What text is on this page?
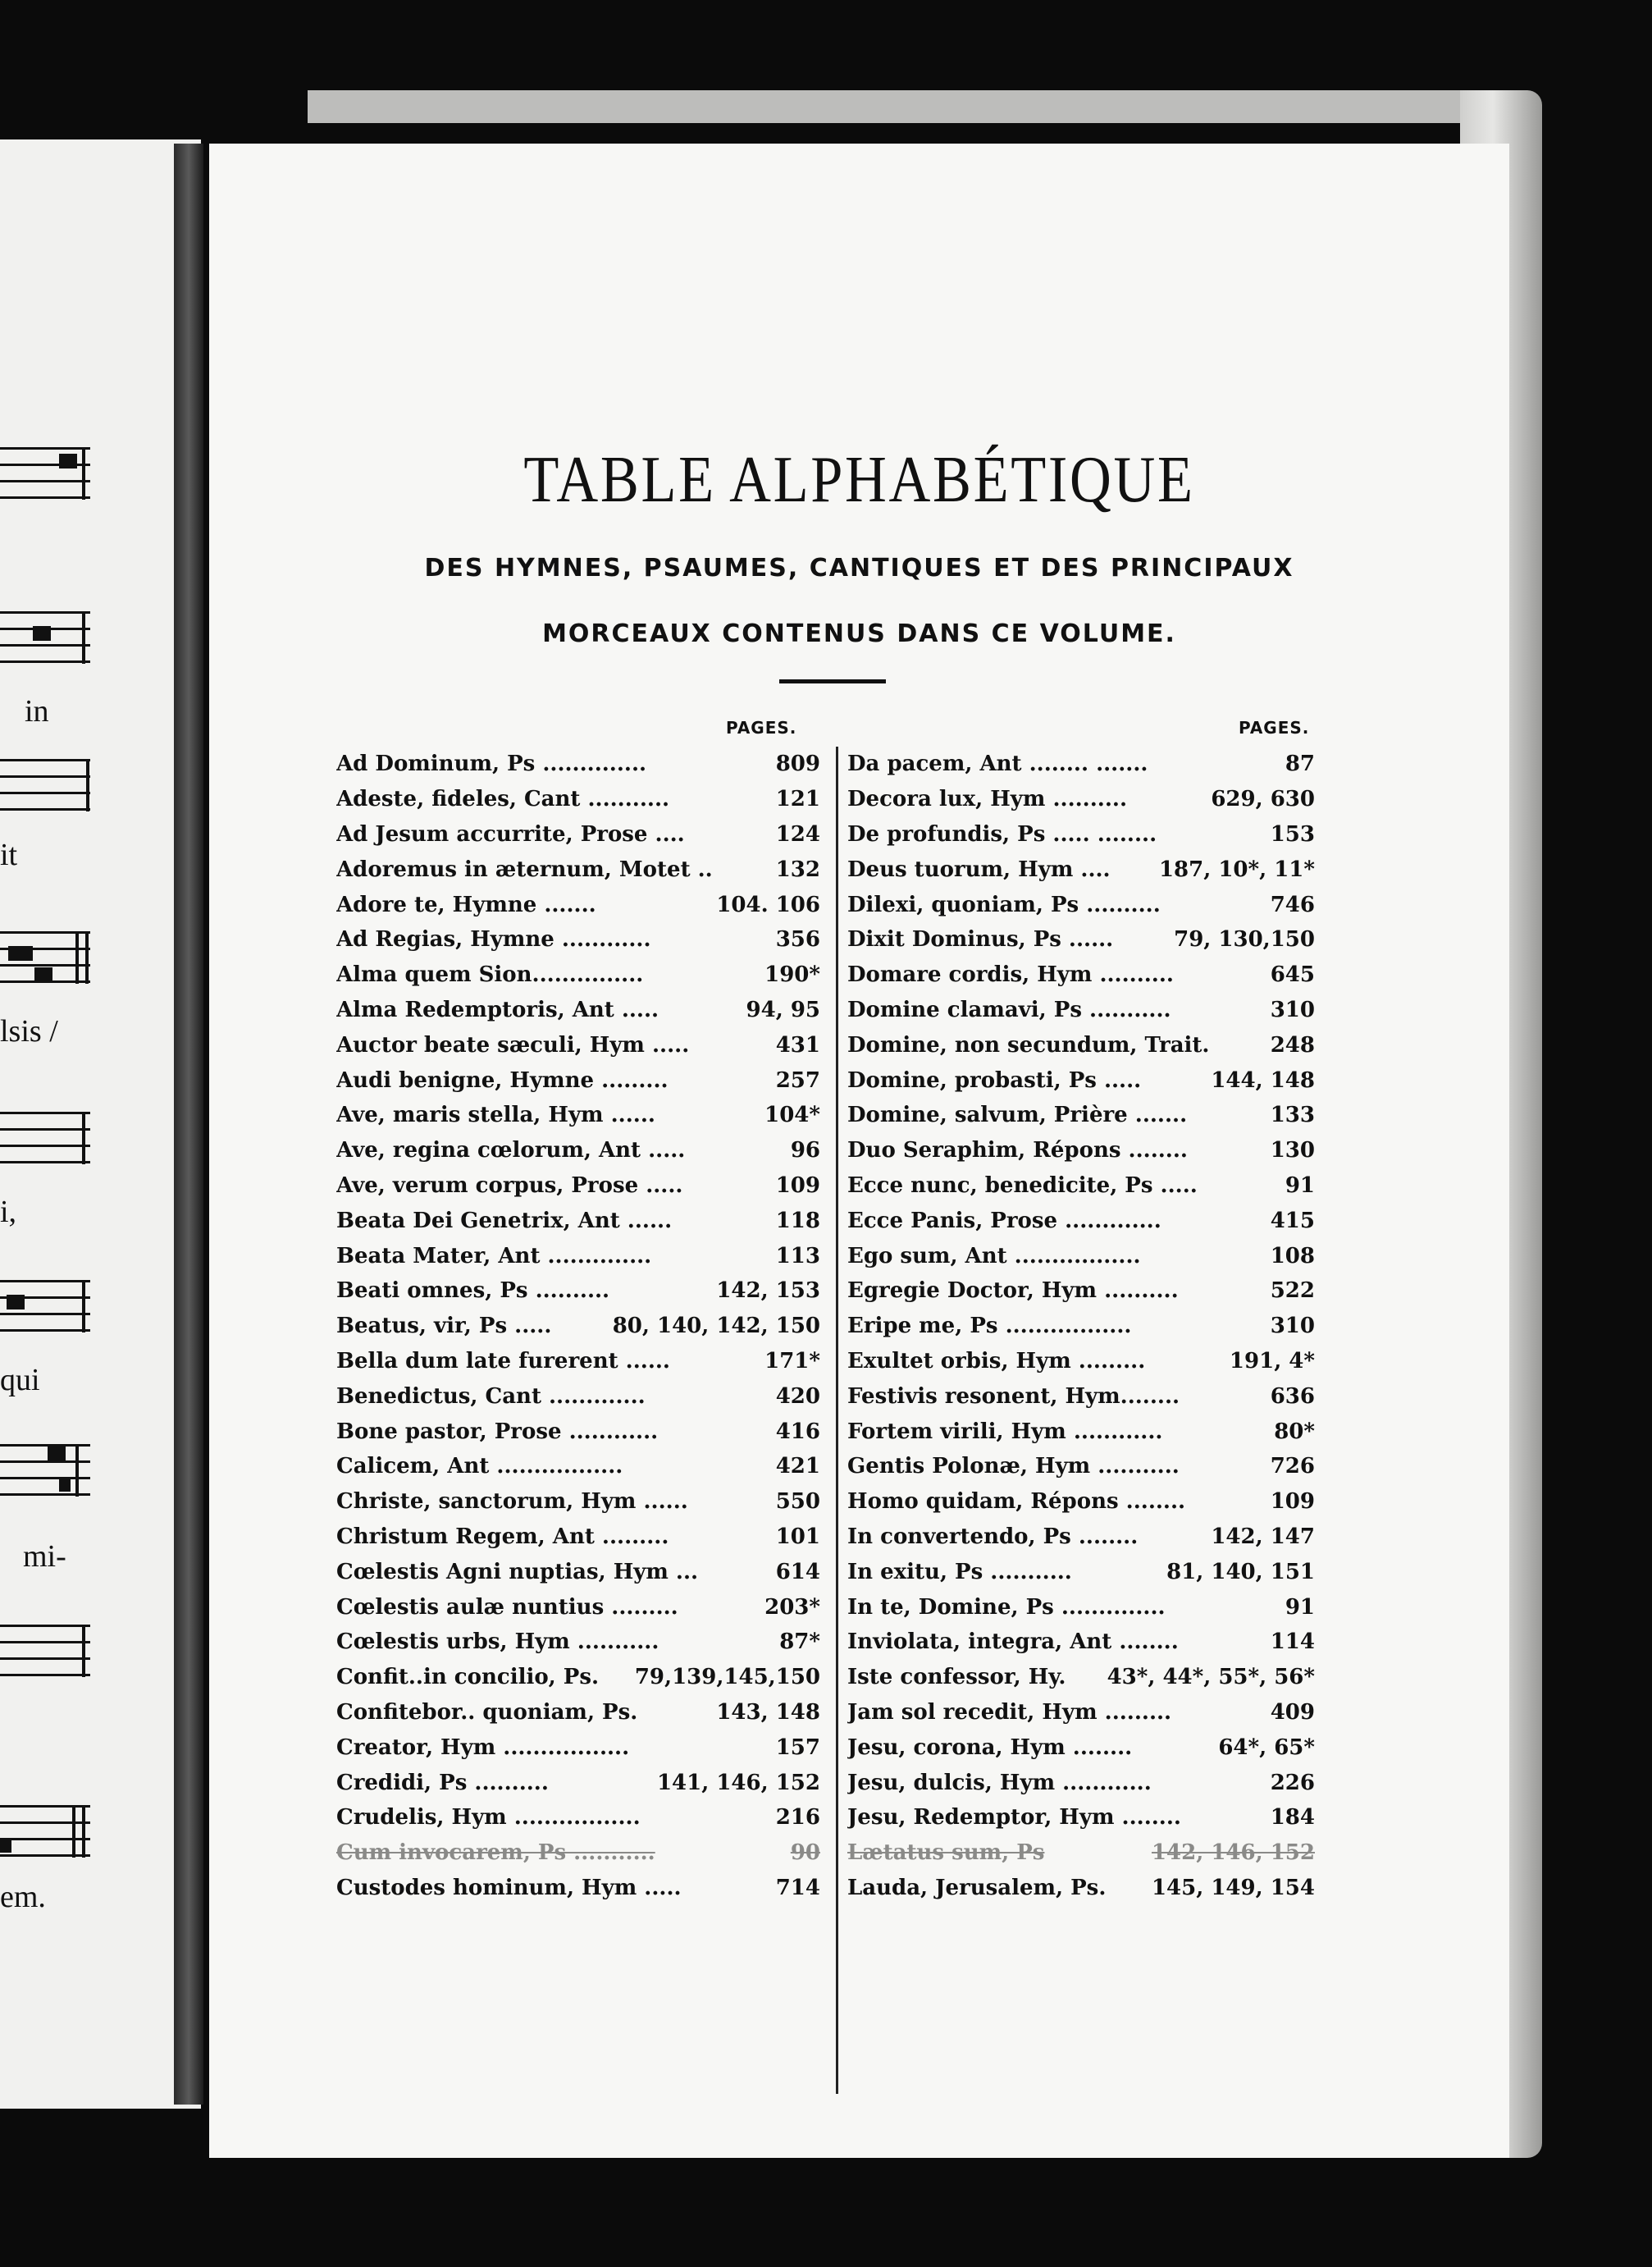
in
it
lsis /
i,
qui
mi-
em.
TABLE ALPHABÉTIQUE
DES HYMNES, PSAUMES, CANTIQUES ET DES PRINCIPAUX
MORCEAUX CONTENUS DANS CE VOLUME.
PAGES.	PAGES.
Ad Dominum, Ps ..............	809
Adeste, fideles, Cant ...........	121
Ad Jesum accurrite, Prose ....	124
Adoremus in æternum, Motet ..	132
Adore te, Hymne .......	104. 106
Ad Regias, Hymne ............	356
Alma quem Sion...............	190*
Alma Redemptoris, Ant .....	94, 95
Auctor beate sæculi, Hym .....	431
Audi benigne, Hymne .........	257
Ave, maris stella, Hym ......	104*
Ave, regina cœlorum, Ant .....	96
Ave, verum corpus, Prose .....	109
Beata Dei Genetrix, Ant ......	118
Beata Mater, Ant ..............	113
Beati omnes, Ps ..........	142, 153
Beatus, vir, Ps .....	80, 140, 142, 150
Bella dum late furerent ......	171*
Benedictus, Cant .............	420
Bone pastor, Prose ............	416
Calicem, Ant .................	421
Christe, sanctorum, Hym ......	550
Christum Regem, Ant .........	101
Cœlestis Agni nuptias, Hym ...	614
Cœlestis aulæ nuntius .........	203*
Cœlestis urbs, Hym ...........	87*
Confit..in concilio, Ps.	79,139,145,150
Confitebor.. quoniam, Ps.	143, 148
Creator, Hym .................	157
Credidi, Ps ..........	141, 146, 152
Crudelis, Hym .................	216
Cum invocarem, Ps ...........	90
Custodes hominum, Hym .....	714
Da pacem, Ant ........ .......	87
Decora lux, Hym ..........	629, 630
De profundis, Ps ..... ........	153
Deus tuorum, Hym ....	187, 10*, 11*
Dilexi, quoniam, Ps ..........	746
Dixit Dominus, Ps ......	79, 130,150
Domare cordis, Hym ..........	645
Domine clamavi, Ps ...........	310
Domine, non secundum, Trait.	248
Domine, probasti, Ps .....	144, 148
Domine, salvum, Prière .......	133
Duo Seraphim, Répons ........	130
Ecce nunc, benedicite, Ps .....	91
Ecce Panis, Prose .............	415
Ego sum, Ant .................	108
Egregie Doctor, Hym ..........	522
Eripe me, Ps .................	310
Exultet orbis, Hym .........	191, 4*
Festivis resonent, Hym........	636
Fortem virili, Hym ............	80*
Gentis Polonæ, Hym ...........	726
Homo quidam, Répons ........	109
In convertendo, Ps ........	142, 147
In exitu, Ps ...........	81, 140, 151
In te, Domine, Ps ..............	91
Inviolata, integra, Ant ........	114
Iste confessor, Hy.	43*, 44*, 55*, 56*
Jam sol recedit, Hym .........	409
Jesu, corona, Hym ........	64*, 65*
Jesu, dulcis, Hym ............	226
Jesu, Redemptor, Hym ........	184
Lætatus sum, Ps	142, 146, 152
Lauda, Jerusalem, Ps.	145, 149, 154
